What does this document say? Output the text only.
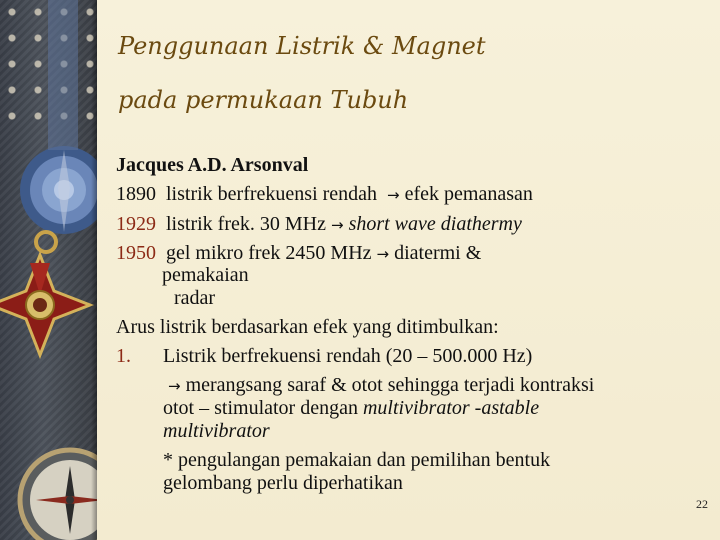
Penggunaan Listrik & Magnet
pada permukaan Tubuh
Jacques A.D. Arsonval
1890 listrik berfrekuensi rendah → efek pemanasan
1929 listrik frek. 30 MHz → short wave diathermy
1950 gel mikro frek 2450 MHz → diatermi &
pemakaian
radar
Arus listrik berdasarkan efek yang ditimbulkan:
1. Listrik berfrekuensi rendah (20 – 500.000 Hz)
→ merangsang saraf & otot sehingga terjadi kontraksi
otot – stimulator dengan multivibrator -astable
multivibrator
* pengulangan pemakaian dan pemilihan bentuk
gelombang perlu diperhatikan
22
